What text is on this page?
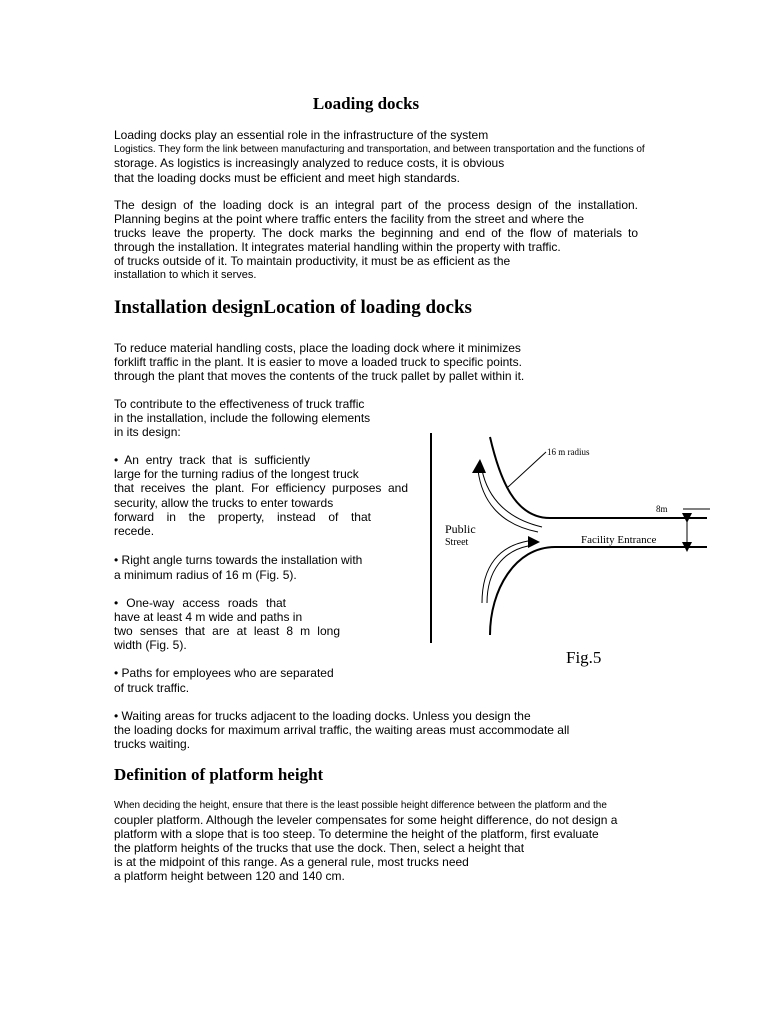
Loading docks

Loading docks play an essential role in the infrastructure of the system

Logistics. They form the link between manufacturing and transportation, and between transportation and the functions of

storage. As logistics is increasingly analyzed to reduce costs, it is obvious

that the loading docks must be efficient and meet high standards.

The design of the loading dock is an integral part of the process design of the installation.

Planning begins at the point where traffic enters the facility from the street and where the

trucks leave the property. The dock marks the beginning and end of the flow of materials to

through the installation. It integrates material handling within the property with traffic.

of trucks outside of it. To maintain productivity, it must be as efficient as the

installation to which it serves.

Installation designLocation of loading docks

To reduce material handling costs, place the loading dock where it minimizes

forklift traffic in the plant. It is easier to move a loaded truck to specific points.

through the plant that moves the contents of the truck pallet by pallet within it.

To contribute to the effectiveness of truck traffic

in the installation, include the following elements

in its design:

• An entry track that is sufficiently

large for the turning radius of the longest truck

that receives the plant. For efficiency purposes and

security, allow the trucks to enter towards

forward in the property, instead of that

recede.

• Right angle turns towards the installation with

a minimum radius of 16 m (Fig. 5).

• One-way access roads that

have at least 4 m wide and paths in

two senses that are at least 8 m long

width (Fig. 5).

• Paths for employees who are separated

of truck traffic.

• Waiting areas for trucks adjacent to the loading docks. Unless you design the

the loading docks for maximum arrival traffic, the waiting areas must accommodate all

trucks waiting.

Definition of platform height

When deciding the height, ensure that there is the least possible height difference between the platform and the

coupler platform. Although the leveler compensates for some height difference, do not design a

platform with a slope that is too steep. To determine the height of the platform, first evaluate

the platform heights of the trucks that use the dock. Then, select a height that

is at the midpoint of this range. As a general rule, most trucks need

a platform height between 120 and 140 cm.

16 m radius
8m
Public
Street	Facility Entrance
Fig.5
